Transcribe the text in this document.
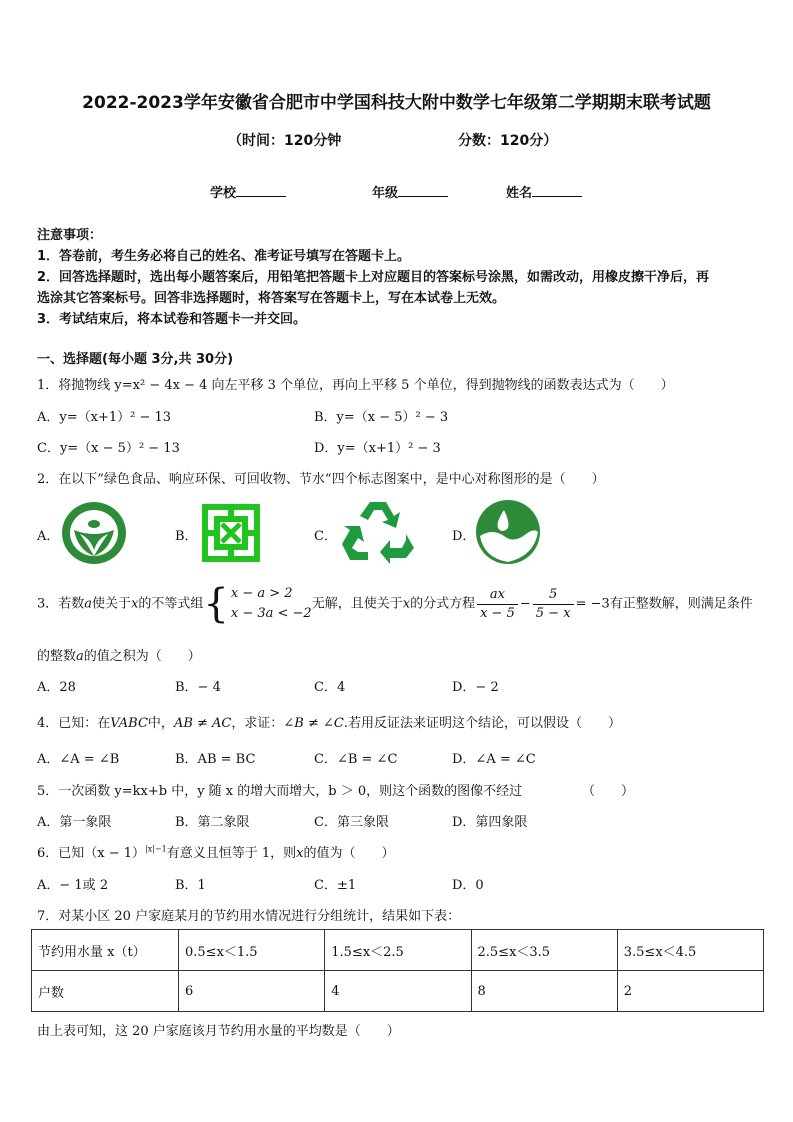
2022-2023学年安徽省合肥市中学国科技大附中数学七年级第二学期期末联考试题
（时间：120分钟	分数：120分）
学校	年级	姓名
注意事项：
1．答卷前，考生务必将自己的姓名、准考证号填写在答题卡上。
2．回答选择题时，选出每小题答案后，用铅笔把答题卡上对应题目的答案标号涂黑，如需改动，用橡皮擦干净后，再
选涂其它答案标号。回答非选择题时，将答案写在答题卡上，写在本试卷上无效。
3．考试结束后，将本试卷和答题卡一并交回。
一、选择题(每小题 3分,共 30分)
1．将抛物线 y=x² − 4x − 4 向左平移 3 个单位，再向上平移 5 个单位，得到抛物线的函数表达式为（　　）
A．y=（x+1）² − 13	B．y=（x − 5）² − 3
C．y=（x − 5）² − 13	D．y=（x+1）² − 3
2．在以下”绿色食品、响应环保、可回收物、节水“四个标志图案中，是中心对称图形的是（　　）
A．	B．	C．	D．
3．若数a使关于x的不等式组{ x − a > 2
x − 3a < −2
无解，且使关于x的分式方程 $\frac{ax}{x - 5} - \frac{5}{5 - x} = -3$有正整数解，则满足条件
的整数a的值之积为（　　）
A．28	B．− 4	C．4	D．− 2
4．已知：在VABC中，AB ≠ AC，求证：∠B ≠ ∠C.若用反证法来证明这个结论，可以假设（　　）
A．∠A = ∠B	B．AB = BC	C．∠B = ∠C	D．∠A = ∠C
5．一次函数 y=kx+b 中，y 随 x 的增大而增大，b ＞ 0，则这个函数的图像不经过	（　　）
A．第一象限	B．第二象限	C．第三象限	D．第四象限
6．已知$(x - 1)^{|x|-1}$有意义且恒等于 1，则x的值为（　　）
A．− 1或 2	B．1	C．±1	D．0
7．对某小区 20 户家庭某月的节约用水情况进行分组统计，结果如下表：
节约用水量 x（t）	0.5≤x＜1.5	1.5≤x＜2.5	2.5≤x＜3.5	3.5≤x＜4.5
户数	6	4	8	2
由上表可知，这 20 户家庭该月节约用水量的平均数是（　　）
